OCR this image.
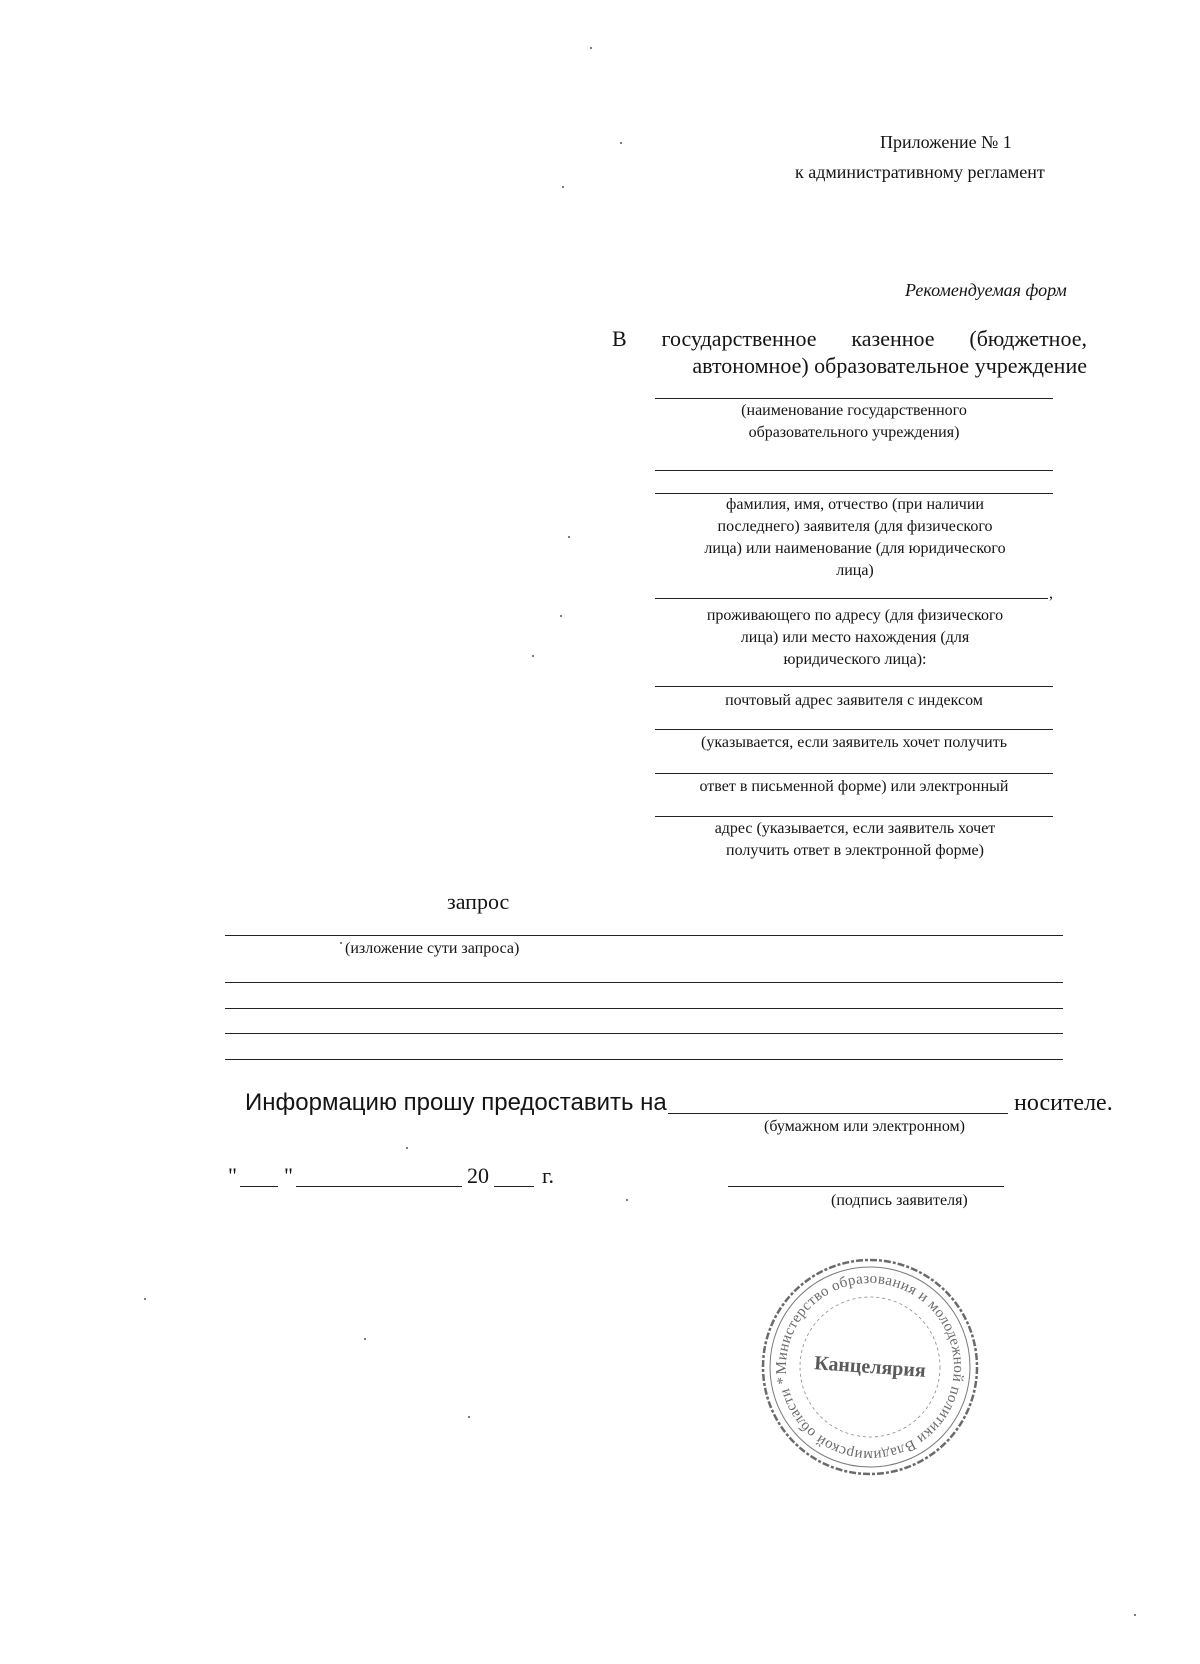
Приложение № 1
к административному регламент
Рекомендуемая форм
В государственное казенное (бюджетное,
автономное) образовательное учреждение
(наименование государственного
образовательного учреждения)
фамилия, имя, отчество (при наличии
последнего) заявителя (для физического
лица) или наименование (для юридического
лица)
,
проживающего по адресу (для физического
лица) или место нахождения (для
юридического лица):
почтовый адрес заявителя с индексом
(указывается, если заявитель хочет получить
ответ в письменной форме) или электронный
адрес (указывается, если заявитель хочет
получить ответ в электронной форме)
запрос
(изложение сути запроса)
Информацию прошу предоставить на	носителе.
(бумажном или электронном)
" "	20 г.
(подпись заявителя)
Министерство образования и молодежной политики Владимирской области *	Канцелярия
